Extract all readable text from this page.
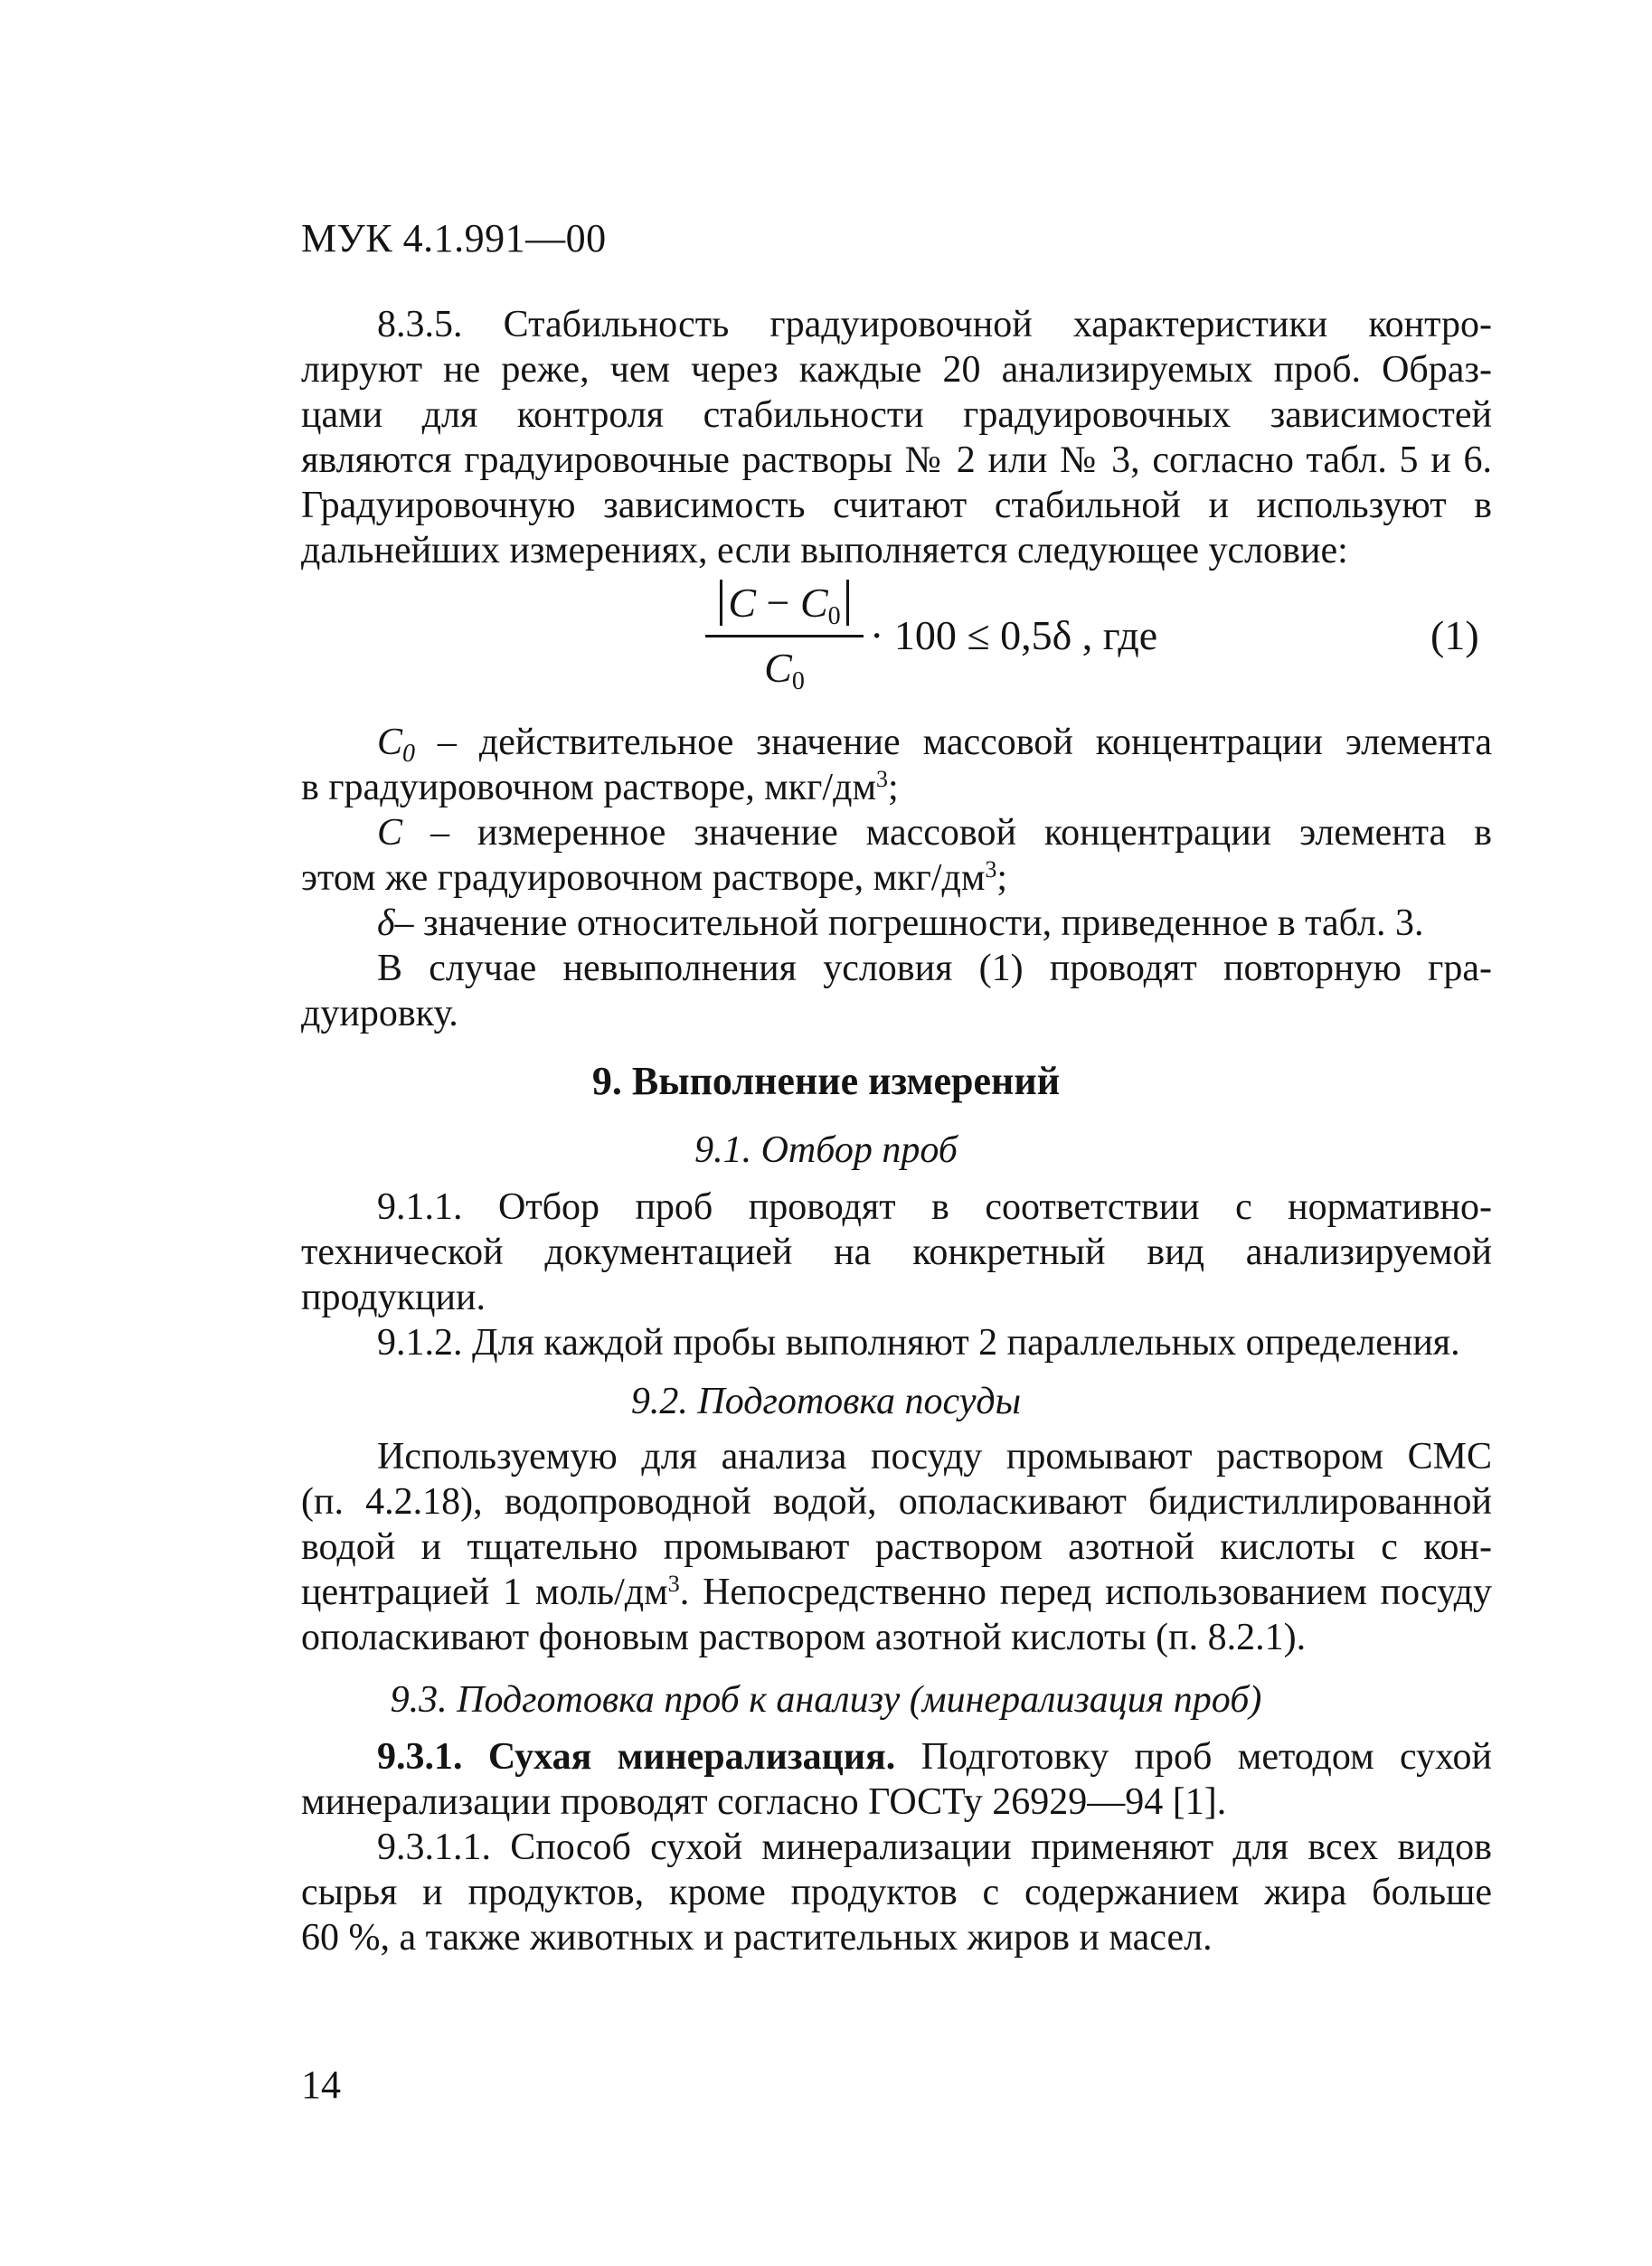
МУК 4.1.991—00
8.3.5. Стабильность градуировочной характеристики контро-
лируют не реже, чем через каждые 20 анализируемых проб. Образ-
цами для контроля стабильности градуировочных зависимостей
являются градуировочные растворы № 2 или № 3, согласно табл. 5 и 6.
Градуировочную зависимость считают стабильной и используют в
дальнейших измерениях, если выполняется следующее условие:
$C - C_0$
$C_0$
· 100 ≤ 0,5δ , где	(1)
$C_0$ – действительное значение массовой концентрации элемента
в градуировочном растворе, мкг/$дм^3$;
C – измеренное значение массовой концентрации элемента в
этом же градуировочном растворе, мкг/$дм^3$;
δ– значение относительной погрешности, приведенное в табл. 3.
В случае невыполнения условия (1) проводят повторную гра-
дуировку.
9. Выполнение измерений
9.1. Отбор проб
9.1.1. Отбор проб проводят в соответствии с нормативно-
технической документацией на конкретный вид анализируемой
продукции.
9.1.2. Для каждой пробы выполняют 2 параллельных определения.
9.2. Подготовка посуды
Используемую для анализа посуду промывают раствором СМС
(п. 4.2.18), водопроводной водой, ополаскивают бидистиллированной
водой и тщательно промывают раствором азотной кислоты с кон-
центрацией 1 моль/$дм^3$. Непосредственно перед использованием посуду
ополаскивают фоновым раствором азотной кислоты (п. 8.2.1).
9.3. Подготовка проб к анализу (минерализация проб)
9.3.1. Сухая минерализация. Подготовку проб методом сухой
минерализации проводят согласно ГОСТу 26929—94 [1].
9.3.1.1. Способ сухой минерализации применяют для всех видов
сырья и продуктов, кроме продуктов с содержанием жира больше
60 %, а также животных и растительных жиров и масел.
14
